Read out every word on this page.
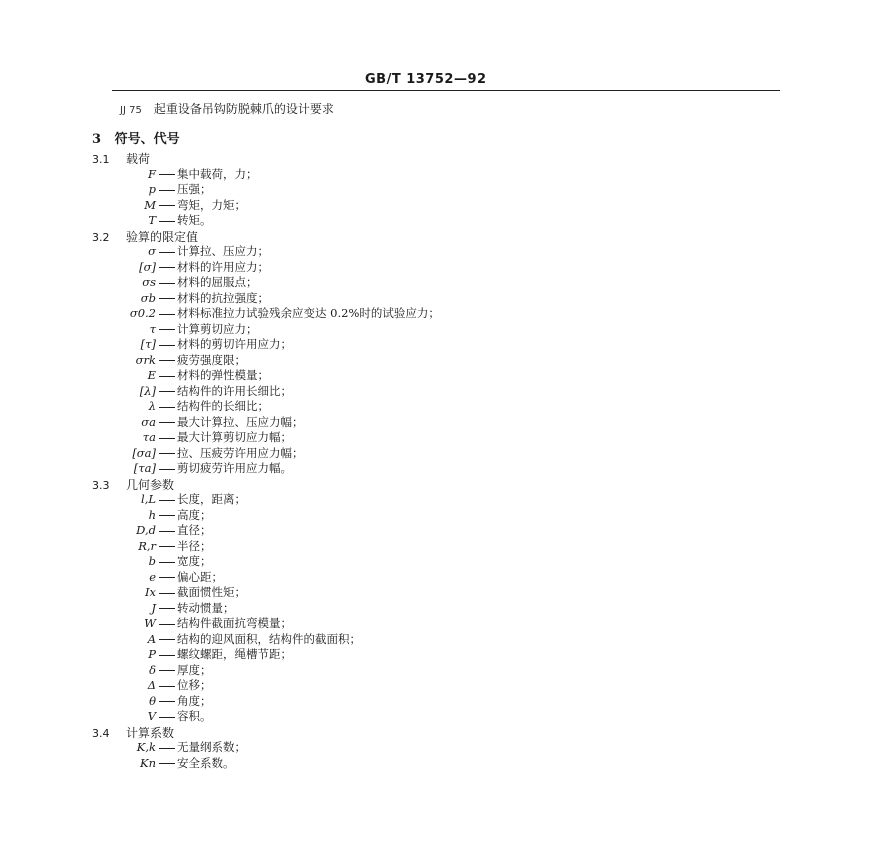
GB/T 13752—92
JJ 75 起重设备吊钩防脱棘爪的设计要求
3 符号、代号
3.1 载荷
F 集中载荷，力；
p 压强；
M 弯矩，力矩；
T 转矩。
3.2 验算的限定值
σ 计算拉、压应力；
[σ] 材料的许用应力；
σs 材料的屈服点；
σb 材料的抗拉强度；
σ0.2 材料标准拉力试验残余应变达 0.2%时的试验应力；
τ 计算剪切应力；
[τ] 材料的剪切许用应力；
σrk 疲劳强度限；
E 材料的弹性模量；
[λ] 结构件的许用长细比；
λ 结构件的长细比；
σa 最大计算拉、压应力幅；
τa 最大计算剪切应力幅；
[σa] 拉、压疲劳许用应力幅；
[τa] 剪切疲劳许用应力幅。
3.3 几何参数
l,L 长度，距离；
h 高度；
D,d 直径；
R,r 半径；
b 宽度；
e 偏心距；
Ix 截面惯性矩；
J 转动惯量；
W 结构件截面抗弯模量；
A 结构的迎风面积，结构件的截面积；
P 螺纹螺距，绳槽节距；
δ 厚度；
Δ 位移；
θ 角度；
V 容积。
3.4 计算系数
K,k 无量纲系数；
Kn 安全系数。
